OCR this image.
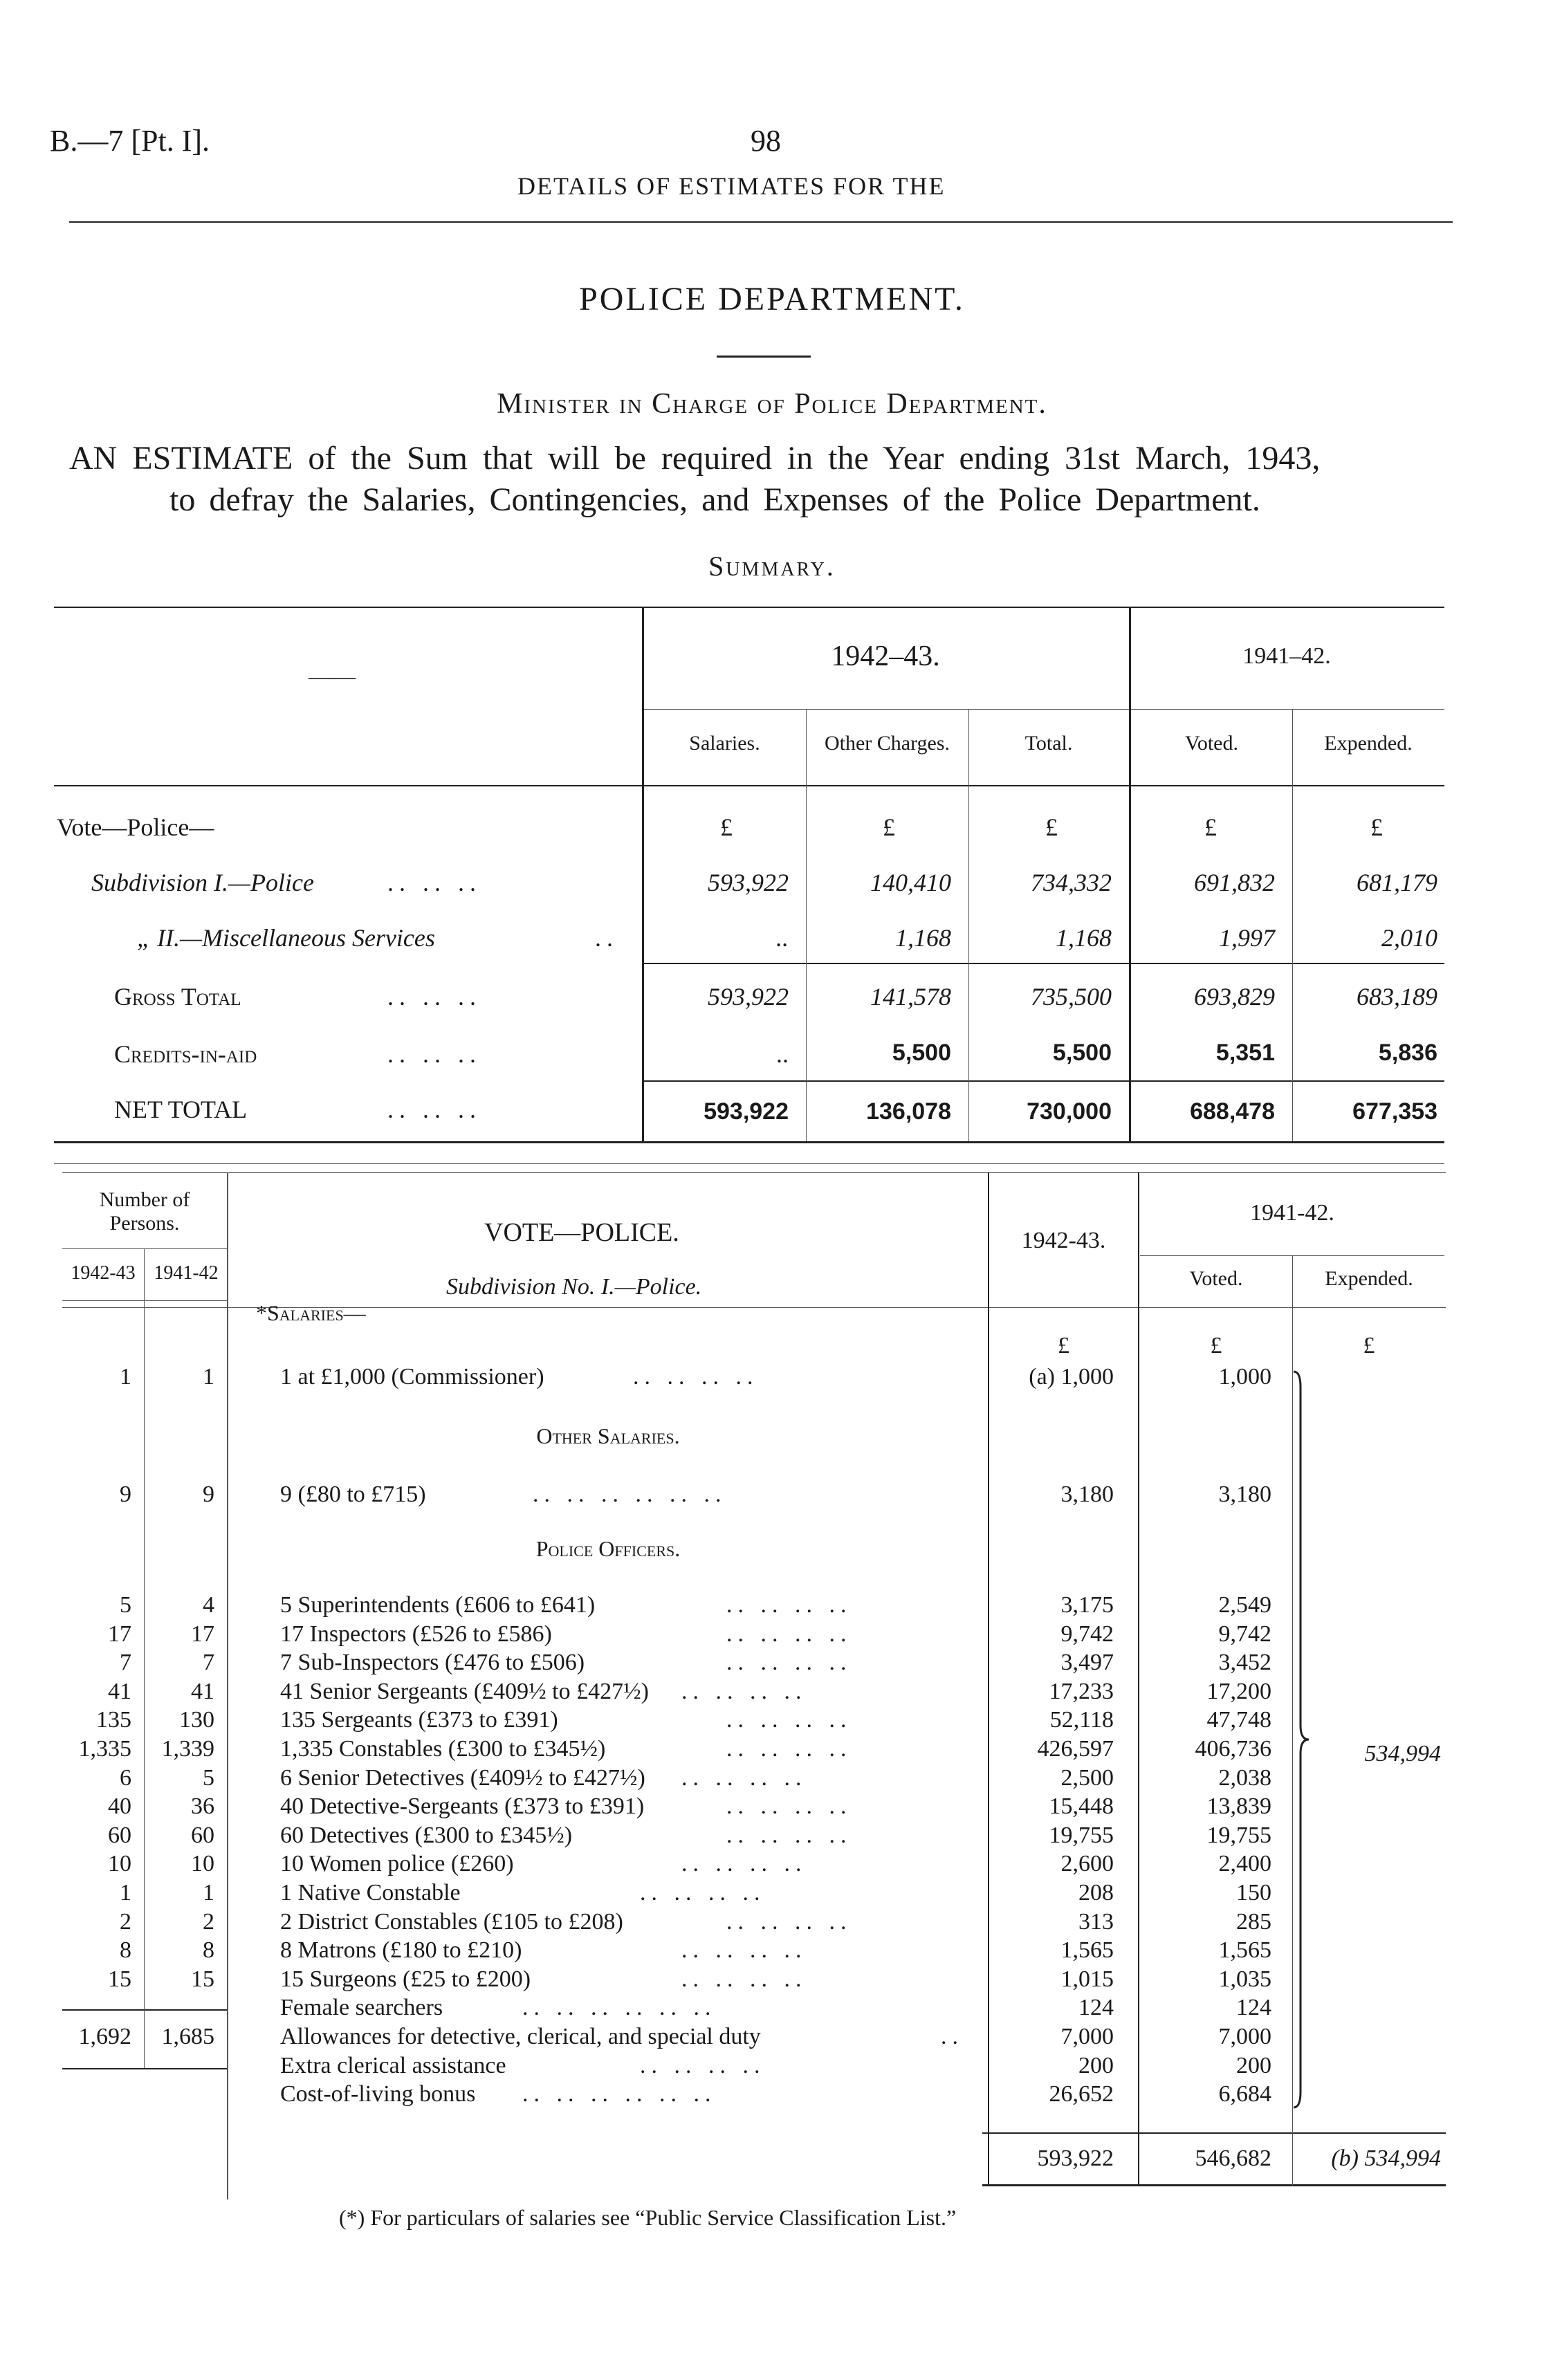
B.—7 [Pt. I].	98
DETAILS OF ESTIMATES FOR THE
POLICE DEPARTMENT.
Minister in Charge of Police Department.
AN ESTIMATE of the Sum that will be required in the Year ending 31st March, 1943,
to defray the Salaries, Contingencies, and Expenses of the Police Department.
Summary.
——
1942–43.	1941–42.
Salaries.	Other Charges.	Total.	Voted.	Expended.
Vote—Police—	£	£	£	£	£
Subdivision I.—Police	.. .. ..	593,922	140,410	734,332	691,832	681,179
„ II.—Miscellaneous Services	..	..	1,168	1,168	1,997	2,010
Gross Total	.. .. ..	593,922	141,578	735,500	693,829	683,189
Credits-in-aid	.. .. ..	..	5,500	5,500	5,351	5,836
NET TOTAL	.. .. ..	593,922	136,078	730,000	688,478	677,353
Number of Persons.
1942-43 1941-42
VOTE—POLICE.
Subdivision No. I.—Police.
*Salaries—
1942-43.
1941-42.
Voted.	Expended.
£	£	£
1	1	1 at £1,000 (Commissioner)	.. .. .. ..	(a) 1,000	1,000
Other Salaries.
9	9	9 (£80 to £715)	.. .. .. .. .. ..	3,180	3,180
Police Officers.
5	4	5 Superintendents (£606 to £641)	.. .. .. ..	3,175	2,549
17	17	17 Inspectors (£526 to £586)	.. .. .. ..	9,742	9,742
7	7	7 Sub-Inspectors (£476 to £506)	.. .. .. ..	3,497	3,452
41	41	41 Senior Sergeants (£409½ to £427½) .. .. .. ..	17,233	17,200
135	130	135 Sergeants (£373 to £391)	.. .. .. ..	52,118	47,748
1,335	1,339	1,335 Constables (£300 to £345½)	.. .. .. ..	426,597	406,736
6	5	6 Senior Detectives (£409½ to £427½) .. .. .. ..	2,500	2,038
40	36	40 Detective-Sergeants (£373 to £391)	.. .. .. ..	15,448	13,839
60	60	60 Detectives (£300 to £345½)	.. .. .. ..	19,755	19,755
10	10	10 Women police (£260)	.. .. .. ..	2,600	2,400
1	1	1 Native Constable	.. .. .. ..	208	150
2	2	2 District Constables (£105 to £208)	.. .. .. ..	313	285
8	8	8 Matrons (£180 to £210)	.. .. .. ..	1,565	1,565
15	15	15 Surgeons (£25 to £200)	.. .. .. ..	1,015	1,035
Female searchers	.. .. .. .. .. ..	124	124
1,692	1,685	Allowances for detective, clerical, and special duty	..	7,000	7,000
Extra clerical assistance	.. .. .. ..	200	200
Cost-of-living bonus .. .. .. .. .. ..	26,652	6,684
534,994
593,922	546,682	(b) 534,994
(*) For particulars of salaries see “Public Service Classification List.”
